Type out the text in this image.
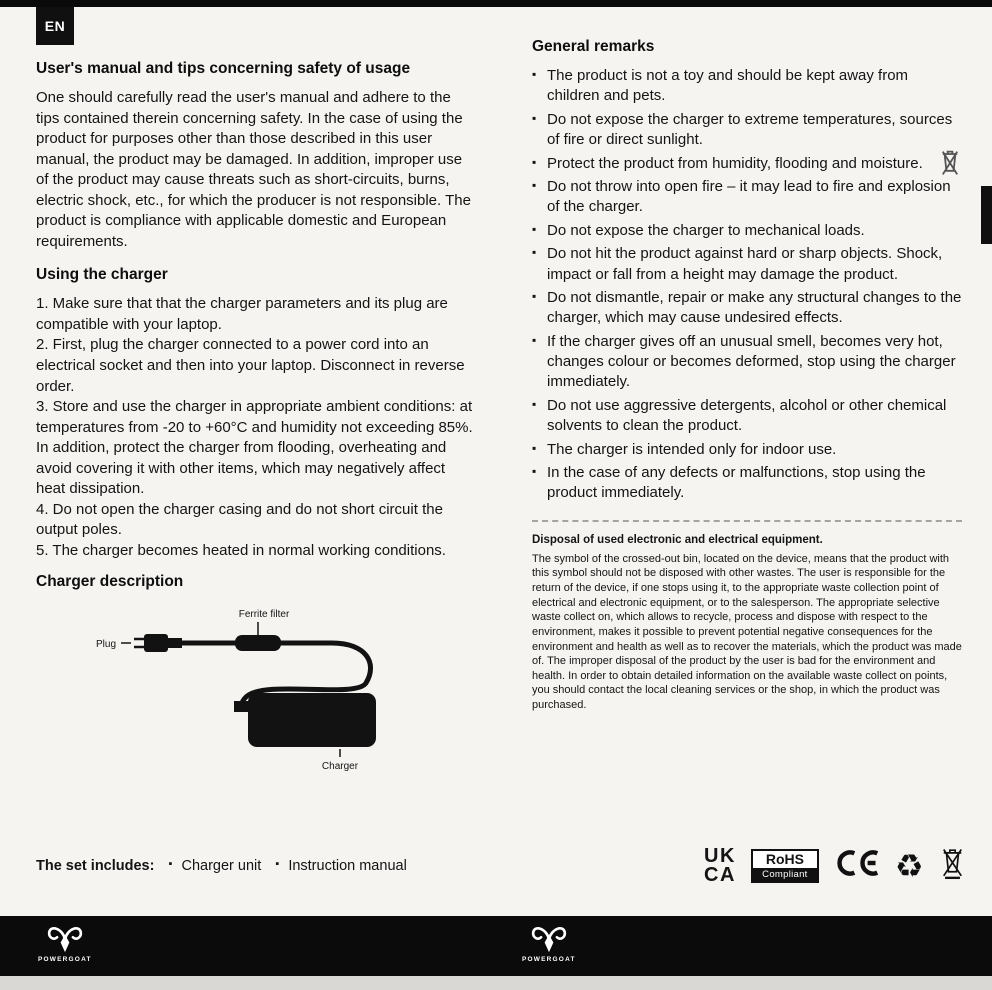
EN
User's manual and tips concerning safety of usage

One should carefully read the user's manual and adhere to the tips contained therein concerning safety. In the case of using the product for purposes other than those described in this user manual, the product may be damaged. In addition, improper use of the product may cause threats such as short-circuits, burns, electric shock, etc., for which the producer is not responsible. The product is compliance with applicable domestic and European requirements.

Using the charger
1. Make sure that that the charger parameters and its plug are compatible with your laptop.
2. First, plug the charger connected to a power cord into an electrical socket and then into your laptop. Disconnect in reverse order.
3. Store and use the charger in appropriate ambient conditions: at temperatures from -20 to +60°C and humidity not exceeding 85%. In addition, protect the charger from flooding, overheating and avoid covering it with other items, which may negatively affect heat dissipation.
4. Do not open the charger casing and do not short circuit the output poles.
5. The charger becomes heated in normal working conditions.
Charger description
Ferrite filter
Plug
Charger
General remarks
▪ The product is not a toy and should be kept away from children and pets.
▪ Do not expose the charger to extreme temperatures, sources of fire or direct sunlight.
▪ Protect the product from humidity, flooding and moisture.
▪ Do not throw into open fire – it may lead to fire and explosion of the charger.
▪ Do not expose the charger to mechanical loads.
▪ Do not hit the product against hard or sharp objects. Shock, impact or fall from a height may damage the product.
▪ Do not dismantle, repair or make any structural changes to the charger, which may cause undesired effects.
▪ If the charger gives off an unusual smell, becomes very hot, changes colour or becomes deformed, stop using the charger immediately.
▪ Do not use aggressive detergents, alcohol or other chemical solvents to clean the product.
▪ The charger is intended only for indoor use.
▪ In the case of any defects or malfunctions, stop using the product immediately.
Disposal of used electronic and electrical equipment.

The symbol of the crossed-out bin, located on the device, means that the product with this symbol should not be disposed with other wastes. The user is responsible for the return of the device, if one stops using it, to the appropriate waste collection point of electrical and electronic equipment, or to the salesperson. The appropriate selective waste collect on, which allows to recycle, process and dispose with respect to the environment, makes it possible to prevent potential negative consequences for the environment and health as well as to recover the materials, which the product was made of. The improper disposal of the product by the user is bad for the environment and health. In order to obtain detailed information on the available waste collect on points, you should contact the local cleaning services or the shop, in which the product was purchased.

The set includes: ▪ Charger unit ▪ Instruction manual	UK
CA
RoHS
Compliant	♻
POWERGOAT	POWERGOAT
